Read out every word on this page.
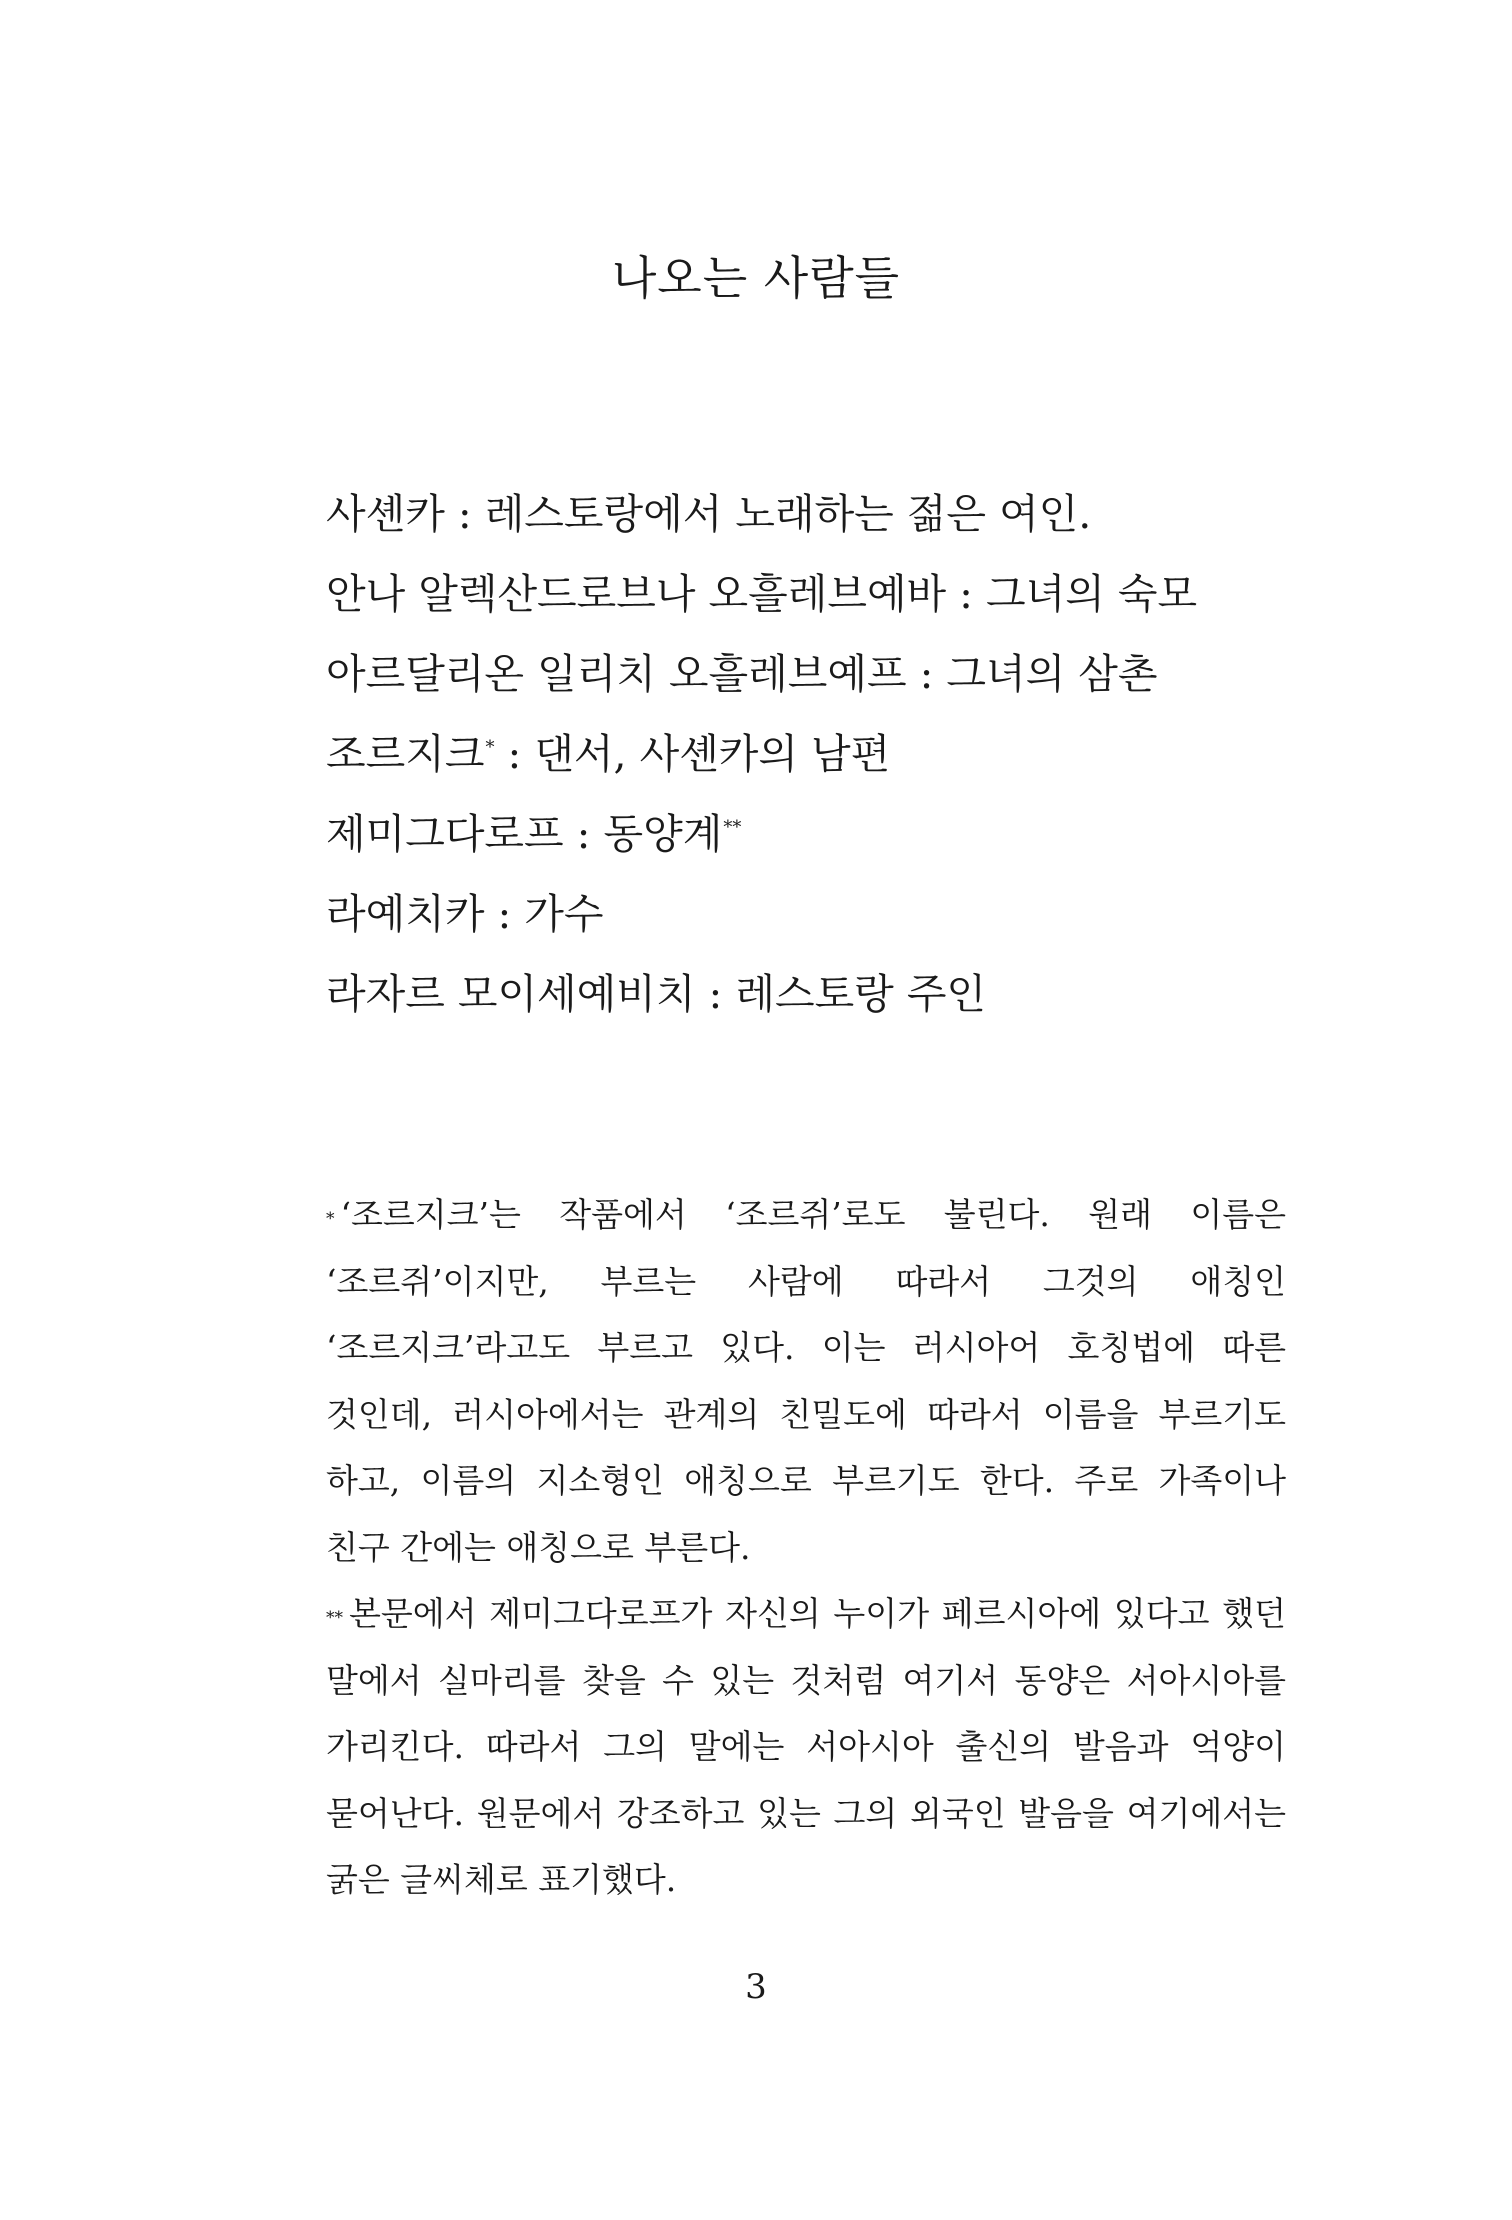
나오는 사람들
사셴카 : 레스토랑에서 노래하는 젊은 여인.
안나 알렉산드로브나 오흘레브예바 : 그녀의 숙모
아르달리온 일리치 오흘레브예프 : 그녀의 삼촌
조르지크* : 댄서, 사셴카의 남편
제미그다로프 : 동양계**
라예치카 : 가수
라자르 모이세예비치 : 레스토랑 주인

* ‘조르지크’는 작품에서 ‘조르쥐’로도 불린다. 원래 이름은 ‘조르쥐’이지만, 부르는 사람에 따라서 그것의 애칭인 ‘조르지크’라고도 부르고 있다. 이는 러시아어 호칭법에 따른 것인데, 러시아에서는 관계의 친밀도에 따라서 이름을 부르기도 하고, 이름의 지소형인 애칭으로 부르기도 한다. 주로 가족이나 친구 간에는 애칭으로 부른다.

** 본문에서 제미그다로프가 자신의 누이가 페르시아에 있다고 했던 말에서 실마리를 찾을 수 있는 것처럼 여기서 동양은 서아시아를 가리킨다. 따라서 그의 말에는 서아시아 출신의 발음과 억양이 묻어난다. 원문에서 강조하고 있는 그의 외국인 발음을 여기에서는 굵은 글씨체로 표기했다.

3
